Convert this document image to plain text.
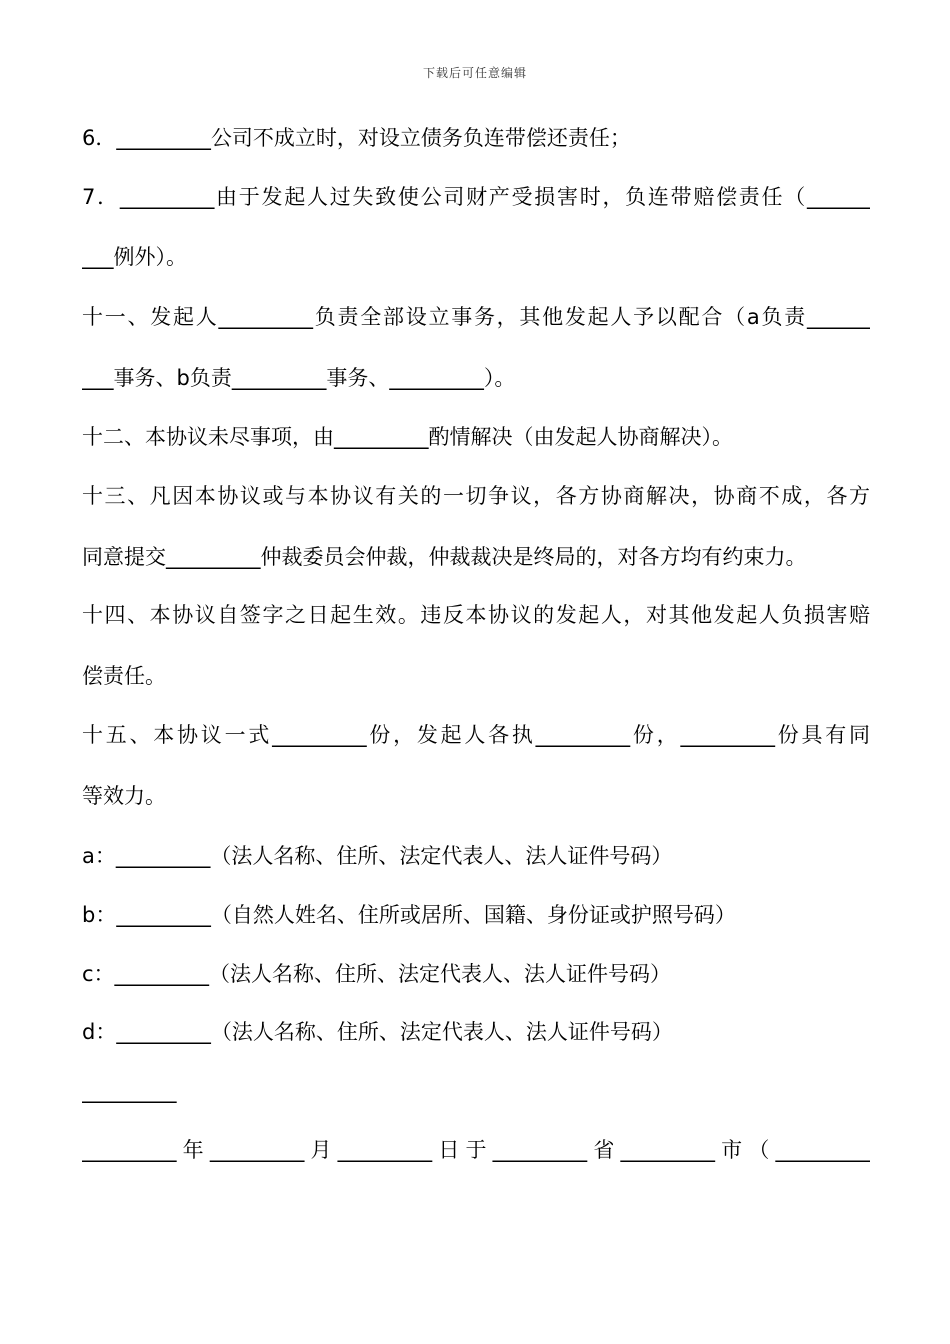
下载后可任意编辑
6．_________公司不成立时，对设立债务负连带偿还责任；
7．_________由于发起人过失致使公司财产受损害时，负连带赔偿责任（______
___例外）。
十一、发起人_________负责全部设立事务，其他发起人予以配合（a负责______
___事务、b负责_________事务、_________）。
十二、本协议未尽事项，由_________酌情解决（由发起人协商解决）。
十三、凡因本协议或与本协议有关的一切争议，各方协商解决，协商不成，各方
同意提交_________仲裁委员会仲裁，仲裁裁决是终局的，对各方均有约束力。
十四、本协议自签字之日起生效。违反本协议的发起人，对其他发起人负损害赔
偿责任。
十五、本协议一式_________份，发起人各执_________份，_________份具有同
等效力。
a：_________（法人名称、住所、法定代表人、法人证件号码）
b：_________（自然人姓名、住所或居所、国籍、身份证或护照号码）
c：_________（法人名称、住所、法定代表人、法人证件号码）
d：_________（法人名称、住所、法定代表人、法人证件号码）
_________
_________年_________月_________日于_________省_________市（_________
